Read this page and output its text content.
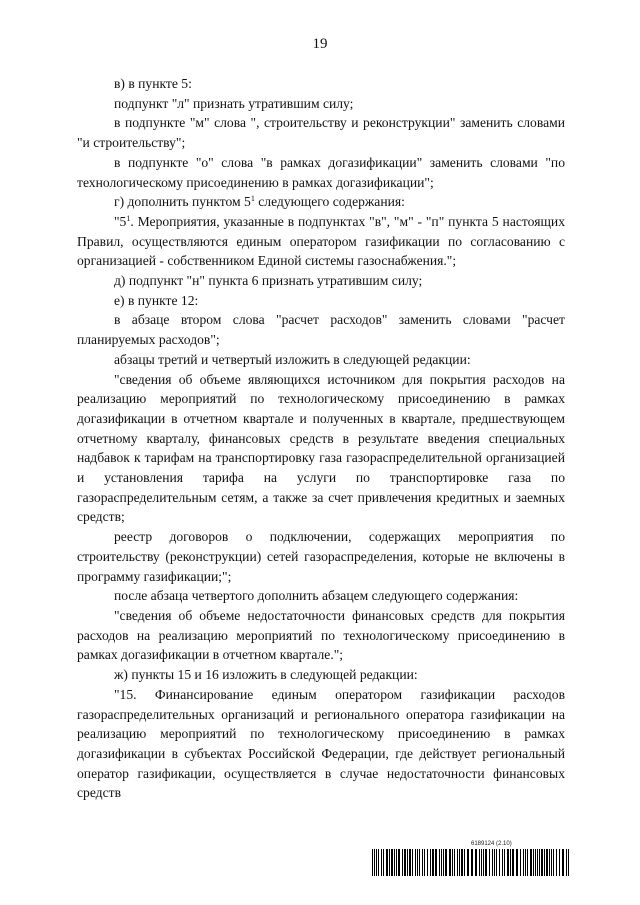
19

в) в пункте 5:

подпункт "л" признать утратившим силу;

в подпункте "м" слова ", строительству и реконструкции" заменить словами "и строительству";

в подпункте "о" слова "в рамках догазификации" заменить словами "по технологическому присоединению в рамках догазификации";

г) дополнить пунктом $5^1$ следующего содержания:

"$5^1$. Мероприятия, указанные в подпунктах "в", "м" - "п" пункта 5 настоящих Правил, осуществляются единым оператором газификации по согласованию с организацией - собственником Единой системы газоснабжения.";

д) подпункт "н" пункта 6 признать утратившим силу;

е) в пункте 12:

в абзаце втором слова "расчет расходов" заменить словами "расчет планируемых расходов";

абзацы третий и четвертый изложить в следующей редакции:

"сведения об объеме являющихся источником для покрытия расходов на реализацию мероприятий по технологическому присоединению в рамках догазификации в отчетном квартале и полученных в квартале, предшествующем отчетному кварталу, финансовых средств в результате введения специальных надбавок к тарифам на транспортировку газа газораспределительной организацией и установления тарифа на услуги по транспортировке газа по газораспределительным сетям, а также за счет привлечения кредитных и заемных средств;

реестр договоров о подключении, содержащих мероприятия по строительству (реконструкции) сетей газораспределения, которые не включены в программу газификации;";

после абзаца четвертого дополнить абзацем следующего содержания:

"сведения об объеме недостаточности финансовых средств для покрытия расходов на реализацию мероприятий по технологическому присоединению в рамках догазификации в отчетном квартале.";

ж) пункты 15 и 16 изложить в следующей редакции:

"15. Финансирование единым оператором газификации расходов газораспределительных организаций и регионального оператора газификации на реализацию мероприятий по технологическому присоединению в рамках догазификации в субъектах Российской Федерации, где действует региональный оператор газификации, осуществляется в случае недостаточности финансовых средств

6189124 (2.10)
